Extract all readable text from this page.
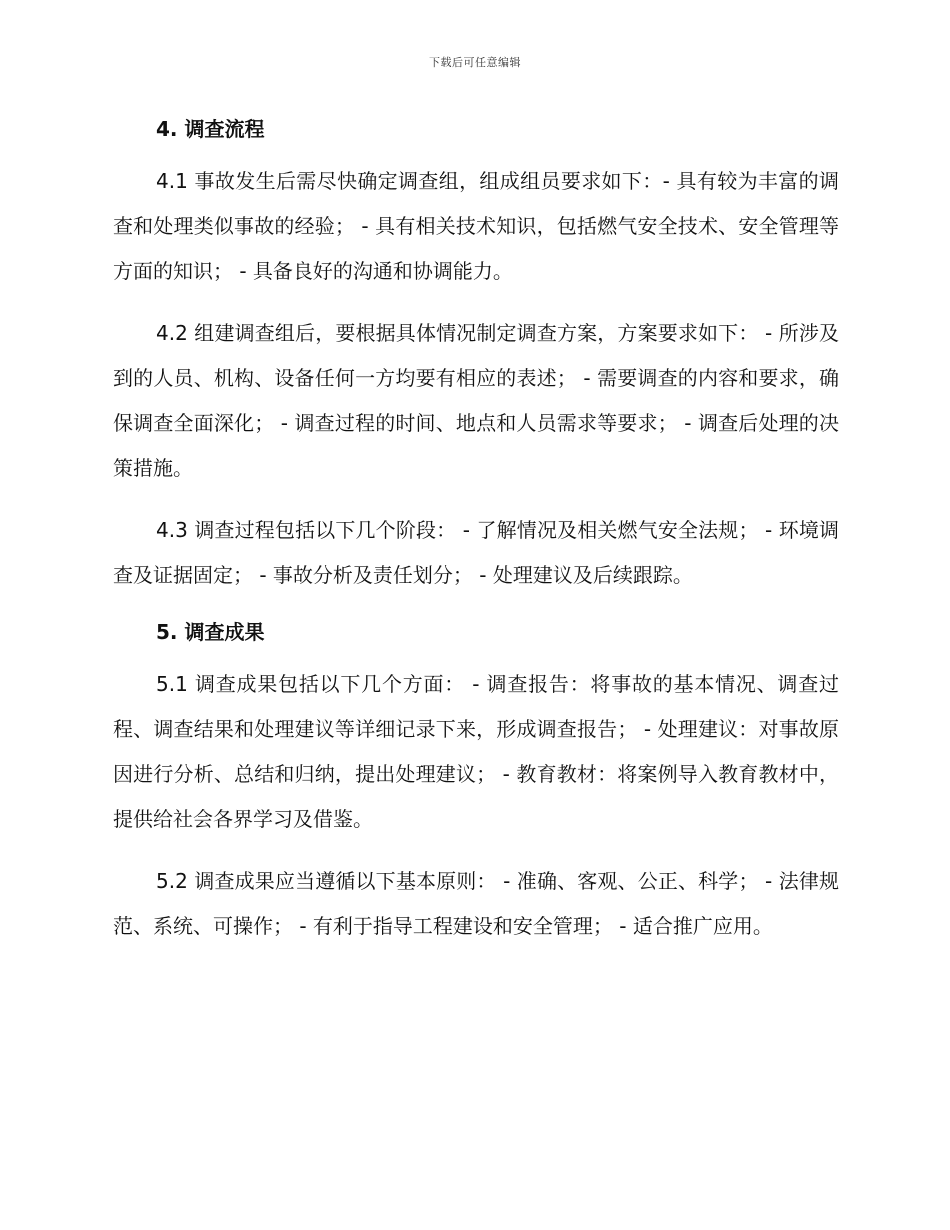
下载后可任意编辑
4. 调查流程

4.1 事故发生后需尽快确定调查组，组成组员要求如下：- 具有较为丰富的调查和处理类似事故的经验； - 具有相关技术知识，包括燃气安全技术、安全管理等方面的知识； - 具备良好的沟通和协调能力。

4.2 组建调查组后，要根据具体情况制定调查方案，方案要求如下： - 所涉及到的人员、机构、设备任何一方均要有相应的表述； - 需要调查的内容和要求，确保调查全面深化； - 调查过程的时间、地点和人员需求等要求； - 调查后处理的决策措施。

4.3 调查过程包括以下几个阶段： - 了解情况及相关燃气安全法规； - 环境调查及证据固定； - 事故分析及责任划分； - 处理建议及后续跟踪。

5. 调查成果

5.1 调查成果包括以下几个方面： - 调查报告：将事故的基本情况、调查过程、调查结果和处理建议等详细记录下来，形成调查报告； - 处理建议：对事故原因进行分析、总结和归纳，提出处理建议； - 教育教材：将案例导入教育教材中，提供给社会各界学习及借鉴。

5.2 调查成果应当遵循以下基本原则： - 准确、客观、公正、科学； - 法律规范、系统、可操作； - 有利于指导工程建设和安全管理； - 适合推广应用。
